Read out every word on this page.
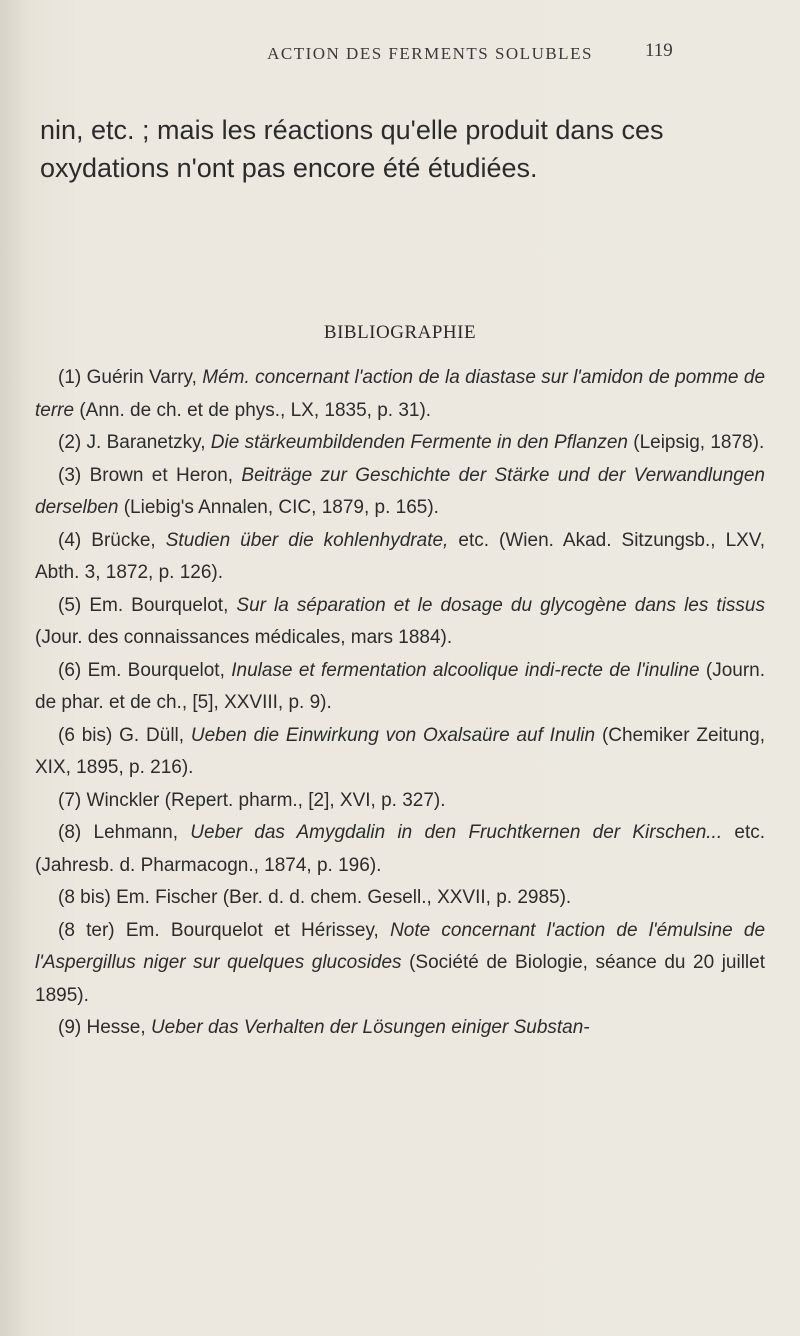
ACTION DES FERMENTS SOLUBLES	119

nin, etc. ; mais les réactions qu'elle produit dans ces oxydations n'ont pas encore été étudiées.

BIBLIOGRAPHIE

(1) Guérin Varry, Mém. concernant l'action de la diastase sur l'amidon de pomme de terre (Ann. de ch. et de phys., LX, 1835, p. 31).

(2) J. Baranetzky, Die stärkeumbildenden Fermente in den Pflanzen (Leipsig, 1878).

(3) Brown et Heron, Beiträge zur Geschichte der Stärke und der Verwandlungen derselben (Liebig's Annalen, CIC, 1879, p. 165).

(4) Brücke, Studien über die kohlenhydrate, etc. (Wien. Akad. Sitzungsb., LXV, Abth. 3, 1872, p. 126).

(5) Em. Bourquelot, Sur la séparation et le dosage du glycogène dans les tissus (Jour. des connaissances médicales, mars 1884).

(6) Em. Bourquelot, Inulase et fermentation alcoolique indi-recte de l'inuline (Journ. de phar. et de ch., [5], XXVIII, p. 9).

(6 bis) G. Düll, Ueben die Einwirkung von Oxalsaüre auf Inulin (Chemiker Zeitung, XIX, 1895, p. 216).

(7) Winckler (Repert. pharm., [2], XVI, p. 327).

(8) Lehmann, Ueber das Amygdalin in den Fruchtkernen der Kirschen... etc. (Jahresb. d. Pharmacogn., 1874, p. 196).

(8 bis) Em. Fischer (Ber. d. d. chem. Gesell., XXVII, p. 2985).

(8 ter) Em. Bourquelot et Hérissey, Note concernant l'action de l'émulsine de l'Aspergillus niger sur quelques glucosides (Société de Biologie, séance du 20 juillet 1895).

(9) Hesse, Ueber das Verhalten der Lösungen einiger Substan-
